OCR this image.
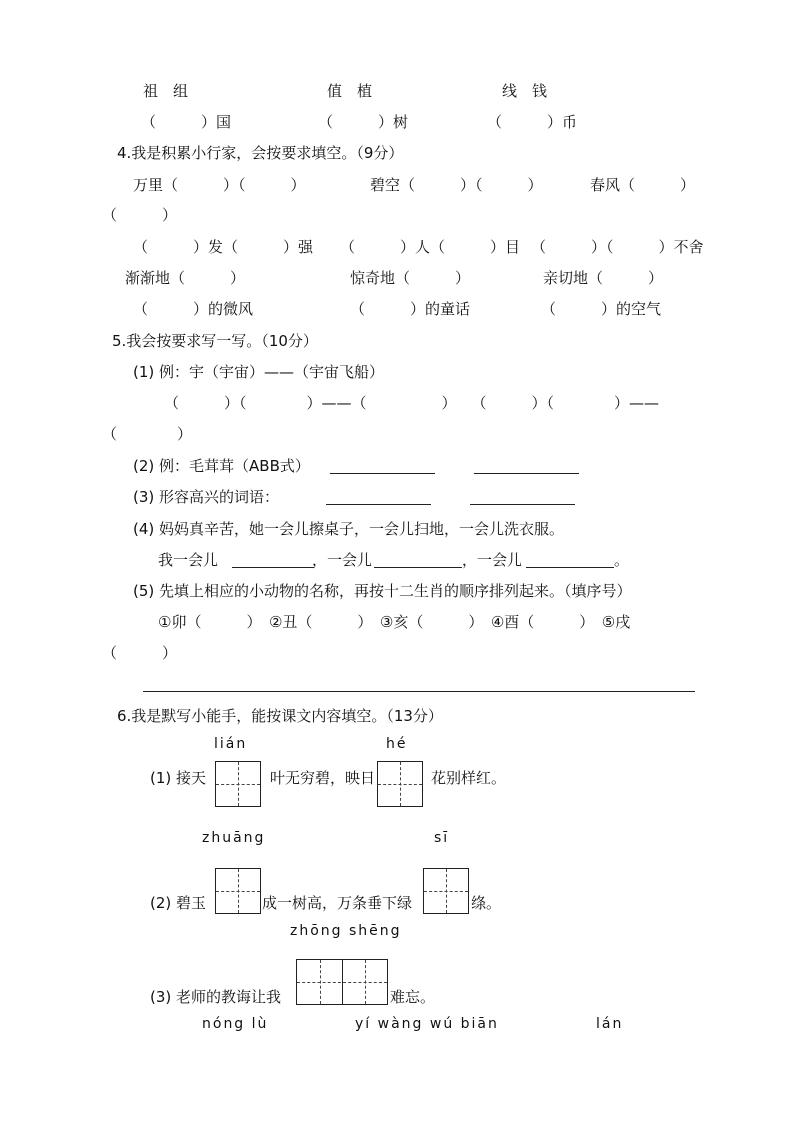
祖　组	值　植	线　钱
（　　　）国	（　　　）树	（　　　）币
4.我是积累小行家，会按要求填空。（9分）
万里（　　　）（　　　）	碧空（　　　）（　　　）	春风（　　　）
（　　　）
（　　　）发（　　　）强 （　　　）人（　　　）目 （　　　）（　　　）不舍
渐渐地（　　　）	惊奇地（　　　）	亲切地（　　　）
（　　　）的微风	（　　　）的童话	（　　　）的空气
5.我会按要求写一写。（10分）
(1) 例：宇（宇宙）——（宇宙飞船）
（　　　）（　　　　）——（　　　　　）　　（　　　）（　　　　）——
（　　　　）
(2) 例：毛茸茸（ABB式）
(3) 形容高兴的词语：
(4) 妈妈真辛苦，她一会儿擦桌子，一会儿扫地，一会儿洗衣服。
我一会儿	，一会儿	，一会儿	。
(5) 先填上相应的小动物的名称，再按十二生肖的顺序排列起来。（填序号）
①卯（　　　）　②丑（　　　）　③亥（　　　）　④酉（　　　）　⑤戌
（　　　）
6.我是默写小能手，能按课文内容填空。（13分）
lián	hé
(1) 接天	叶无穷碧，映日	花别样红。
zhuāng	sī
(2) 碧玉	成一树高，万条垂下绿	绦。
zhōng shēng
(3) 老师的教诲让我	难忘。
nóng lù	yí wàng wú biān	lán
